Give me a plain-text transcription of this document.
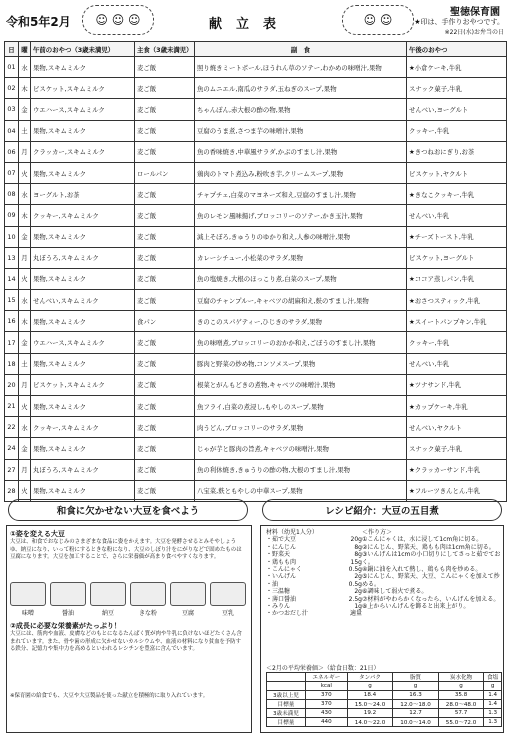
令和5年2月	☺ ☺ ☺	献立表	☺ ☺
聖徳保育園
★印は、手作りおやつです。
※22日(水)お弁当の日
日	曜	午前のおやつ（3歳未満児）	主食（3歳未満児）	副　食	午後のおやつ
01	水	果物,スキムミルク	麦ご飯	照り焼きミートボール,ほうれん草のソテー,わかめの味噌汁,果物	★小倉ケーキ,牛乳
02	木	ビスケット,スキムミルク	麦ご飯	魚のムニエル,南瓜のサラダ,玉ねぎのスープ,果物	スナック菓子,牛乳
03	金	ウエハース,スキムミルク	麦ご飯	ちゃんぽん,赤大根の酢の物,果物	せんべい,ヨーグルト
04	土	果物,スキムミルク	麦ご飯	豆腐のうま煮,さつま芋の味噌汁,果物	クッキー,牛乳
06	月	クラッカー,スキムミルク	麦ご飯	魚の香味焼き,中華風サラダ,かぶのすまし汁,果物	★きつねおにぎり,お茶
07	火	果物,スキムミルク	ロールパン	鶏肉のトマト煮込み,粉吹き芋,クリームスープ,果物	ビスケット,ヤクルト
08	水	ヨーグルト,お茶	麦ご飯	チャプチェ,白菜のマヨネーズ和え,豆腐のすまし汁,果物	★きなこクッキー,牛乳
09	木	クッキー,スキムミルク	麦ご飯	魚のレモン風味揚げ,ブロッコリーのソテー,かき玉汁,果物	せんべい,牛乳
10	金	果物,スキムミルク	麦ご飯	減上そぼろ,きゅうりのゆかり和え,人参の味噌汁,果物	★チーズトースト,牛乳
13	月	丸ぼうろ,スキムミルク	麦ご飯	カレーシチュー,小松菜のサラダ,果物	ビスケット,ヨーグルト
14	火	果物,スキムミルク	麦ご飯	魚の塩焼き,大根のほっこり煮,白菜のスープ,果物	★ココア蒸しパン,牛乳
15	水	せんべい,スキムミルク	麦ご飯	豆腐のチャンプルー,キャベツの胡麻和え,麩のすまし汁,果物	★おさつスティック,牛乳
16	木	果物,スキムミルク	食パン	きのこのスパゲティー,ひじきのサラダ,果物	★スイートパンプキン,牛乳
17	金	ウエハース,スキムミルク	麦ご飯	魚の味噌煮,ブロッコリーのおかか和え,ごぼうのすまし汁,果物	クッキー,牛乳
18	土	果物,スキムミルク	麦ご飯	豚肉と野菜の炒め物,コンソメスープ,果物	せんべい,牛乳
20	月	ビスケット,スキムミルク	麦ご飯	根菜とがんもどきの煮物,キャベツの味噌汁,果物	★ツナサンド,牛乳
21	火	果物,スキムミルク	麦ご飯	魚フライ,白菜の煮浸し,もやしのスープ,果物	★カップケーキ,牛乳
22	水	クッキー,スキムミルク	麦ご飯	肉うどん,ブロッコリーのサラダ,果物	せんべい,ヤクルト
24	金	果物,スキムミルク	麦ご飯	じゃが芋と豚肉の旨煮,キャベツの味噌汁,果物	スナック菓子,牛乳
27	月	丸ぼうろ,スキムミルク	麦ご飯	魚の利休焼き,きゅうりの酢の物,大根のすまし汁,果物	★クラッカーサンド,牛乳
28	火	果物,スキムミルク	麦ご飯	八宝菜,麩ともやしの中華スープ,果物	★フルーツきんとん,牛乳
和食に欠かせない大豆を食べよう	レシピ紹介：大豆の五目煮
①姿を変える大豆
大豆は、和食でおなじみのさまざまな食品に姿をかえます。大豆を発酵させるとみそやしょうゆ、納豆になり、いって粉にするときな粉になり、大豆のしぼり汁をにがりなどで固めたものは豆腐になります。大豆を加工することで、さらに栄養価が高まり食べやすくなります。
味噌	醤油	納豆	きな粉	豆腐	豆乳
②成長に必要な栄養素がたっぷり！
大豆には、筋肉や血液、皮膚などのもとになるたんぱく質が肉や牛乳に負けないほどたくさん含まれています。また、骨や歯の形成に欠かせないカルシウムや、血液の材料になり貧血を予防する鉄分、記憶力や集中力を高めるといわれるレシチンを豊富に含んでいます。
※保育園の給食でも、大豆や大豆製品を使った献立を積極的に取り入れています。
材料（幼児1人分）
・茹で大豆	20g
・にんじん	8g
・野菜天	8g
・鶏もも肉	15g
・こんにゃく	0.5g
・いんげん	2g
・油	0.5g
・三温糖	2g
・薄口醤油	2.5g
・みりん	1g
・かつおだし汁	適量
＜作り方＞
①こんにゃくは、水に浸して1cm角に切る。
②にんじん、野菜天、鶏もも肉は1cm角に切る。
③いんげんは1cmの小口切りにしてさっと茹でておく。
④鍋に油を入れて熱し、鶏もも肉を炒める。
⑤にんじん、野菜天、大豆、こんにゃくを加えて炒める。
⑥調味して弱火で煮る。
⑦材料がやわらかくなったら、いんげんを加える。
⑧上からいんげんを飾ると出来上がり。
＜2月の平均栄養価＞（給食日数：21日）
	エネルギー	タンパク	脂質	炭水化物	食塩
	kcal	g	g	g	g
3歳以上児	370	18.4	16.3	35.8	1.4
目標量	370	15.0～24.0	12.0～18.0	28.0～48.0	1.4
3歳未満児	430	19.2	12.7	57.7	1.3
目標量	440	14.0～22.0	10.0～14.0	55.0～72.0	1.3
